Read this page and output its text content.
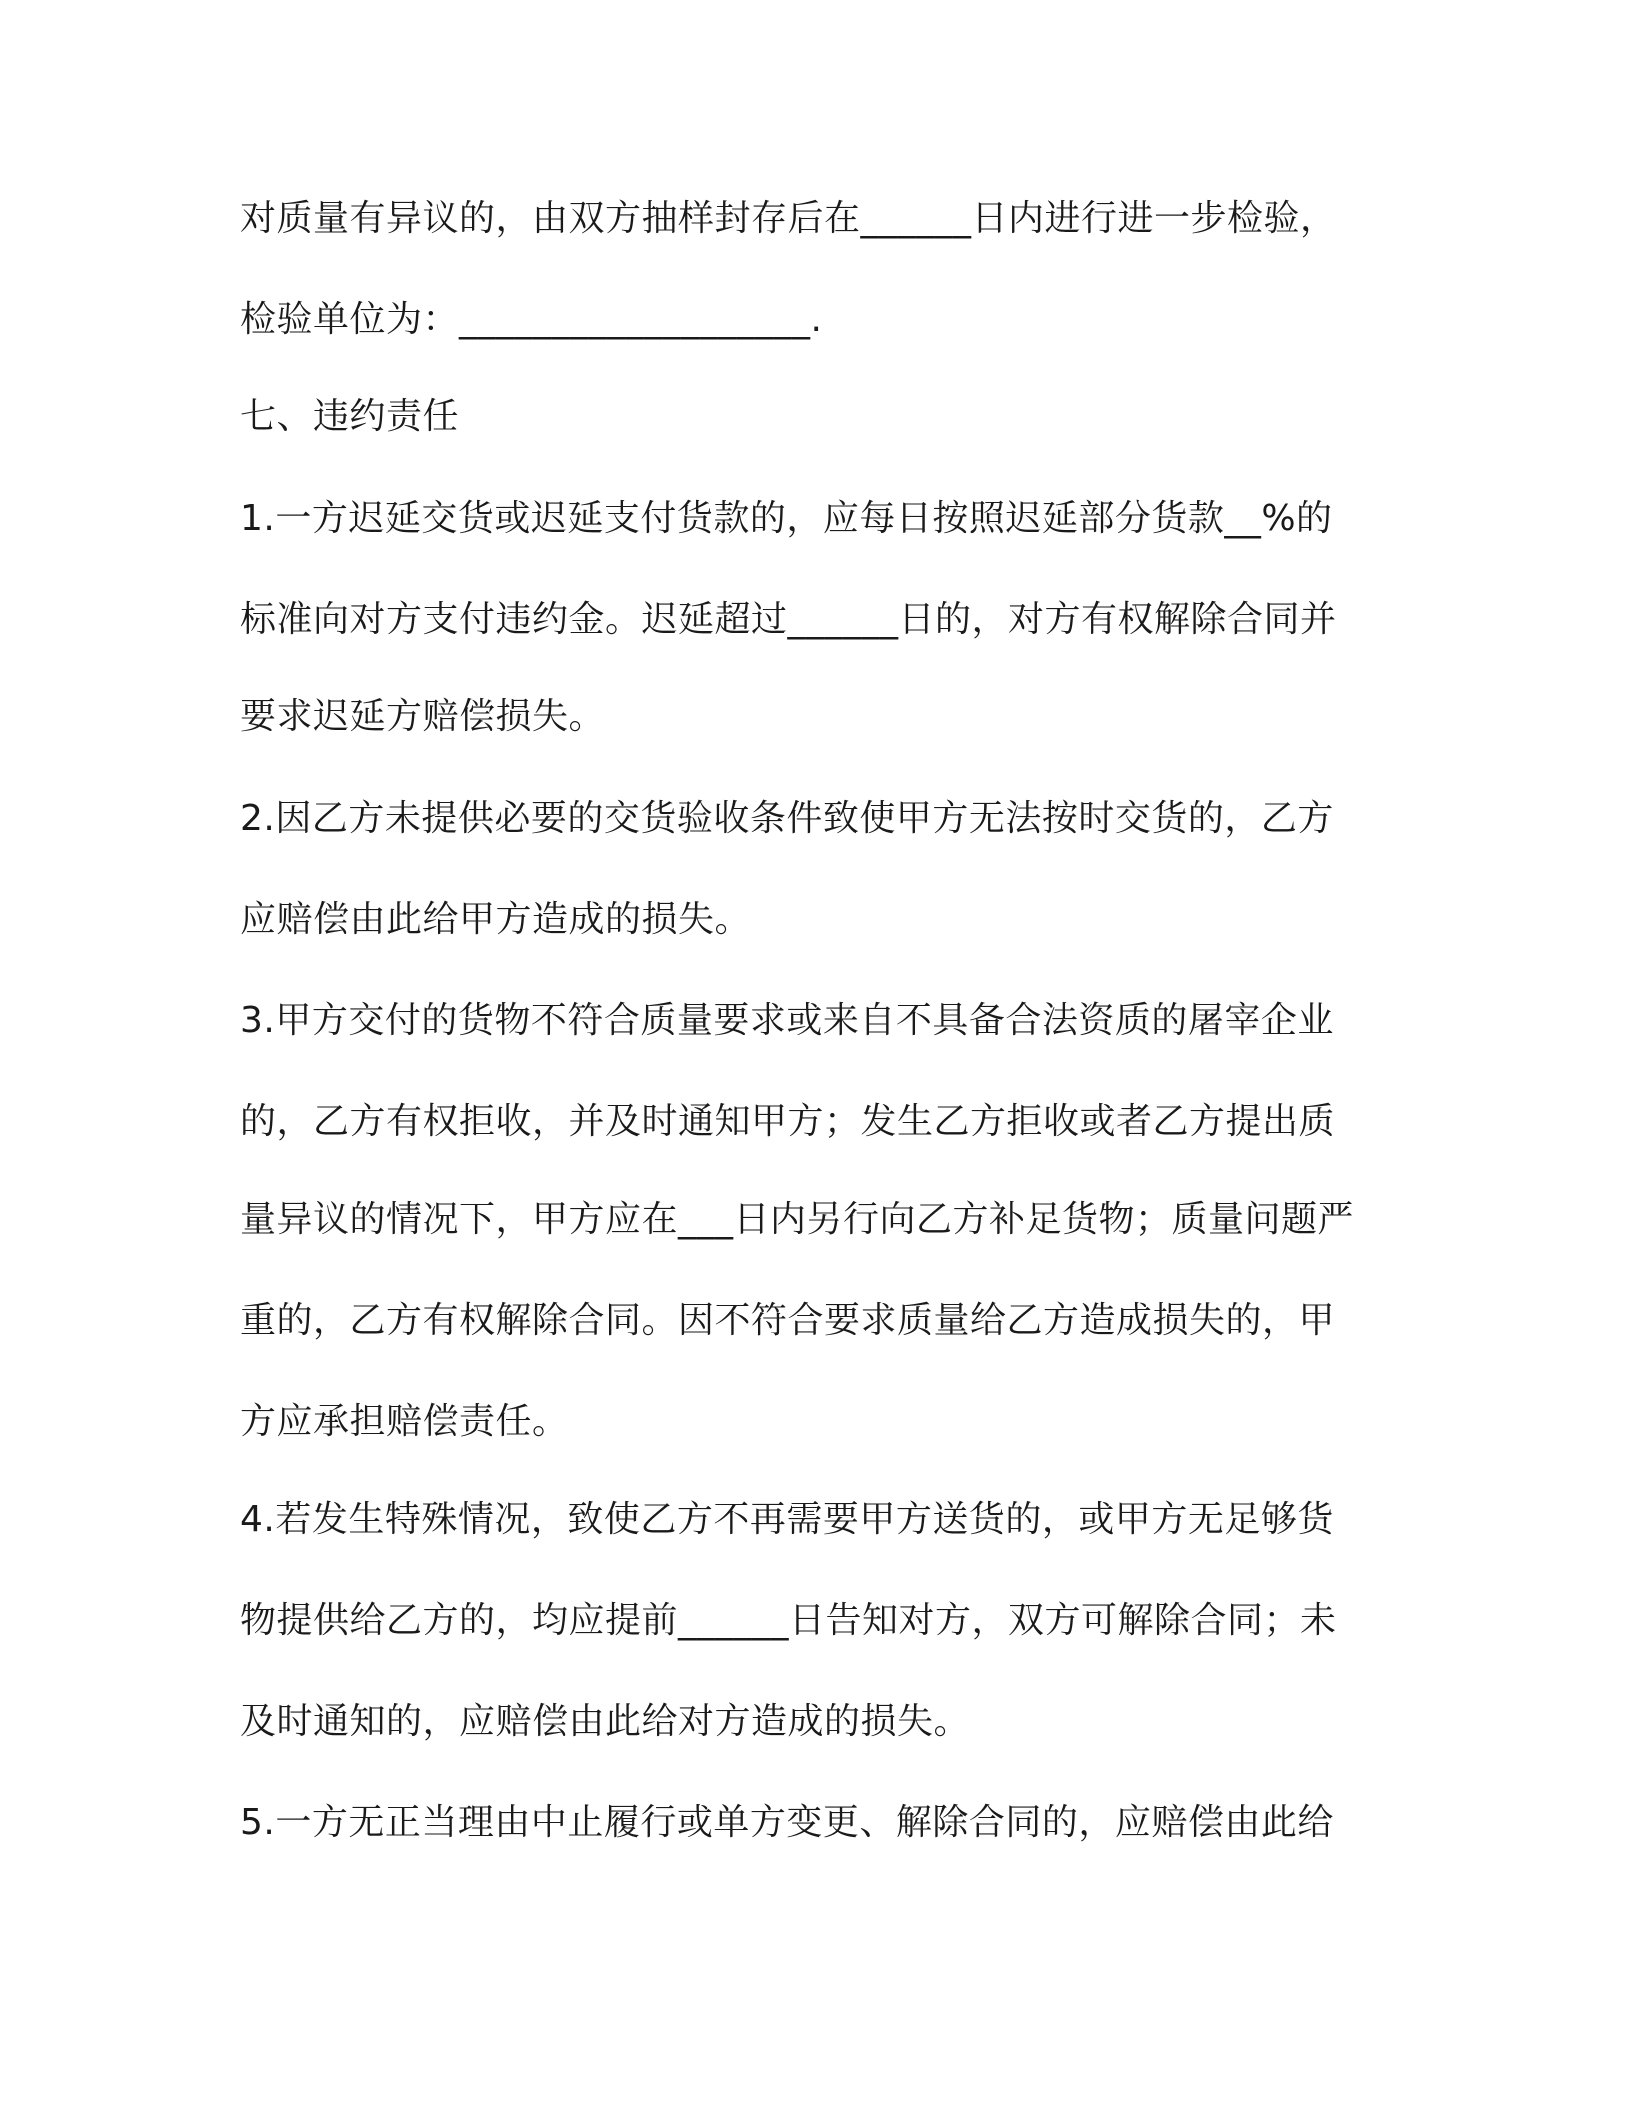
对质量有异议的，由双方抽样封存后在______日内进行进一步检验，
检验单位为：___________________.
七、违约责任
1.一方迟延交货或迟延支付货款的，应每日按照迟延部分货款__%的
标准向对方支付违约金。迟延超过______日的，对方有权解除合同并
要求迟延方赔偿损失。
2.因乙方未提供必要的交货验收条件致使甲方无法按时交货的，乙方
应赔偿由此给甲方造成的损失。
3.甲方交付的货物不符合质量要求或来自不具备合法资质的屠宰企业
的，乙方有权拒收，并及时通知甲方；发生乙方拒收或者乙方提出质
量异议的情况下，甲方应在___日内另行向乙方补足货物；质量问题严
重的，乙方有权解除合同。因不符合要求质量给乙方造成损失的，甲
方应承担赔偿责任。
4.若发生特殊情况，致使乙方不再需要甲方送货的，或甲方无足够货
物提供给乙方的，均应提前______日告知对方，双方可解除合同；未
及时通知的，应赔偿由此给对方造成的损失。
5.一方无正当理由中止履行或单方变更、解除合同的，应赔偿由此给
